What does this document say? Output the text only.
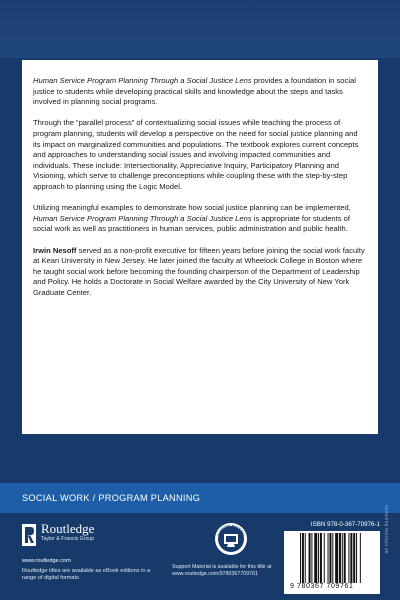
Human Service Program Planning Through a Social Justice Lens provides a foundation in social justice to students while developing practical skills and knowledge about the steps and tasks involved in planning social programs.

Through the “parallel process” of contextualizing social issues while teaching the process of program planning, students will develop a perspective on the need for social justice planning and its impact on marginalized communities and populations. The textbook explores current concepts and approaches to understanding social issues and involving impacted communities and individuals. These include: Intersectionality, Appreciative Inquiry, Participatory Planning and Visioning, which serve to challenge preconceptions while coupling these with the step-by-step approach to planning using the Logic Model.

Utilizing meaningful examples to demonstrate how social justice planning can be implemented, Human Service Program Planning Through a Social Justice Lens is appropriate for students of social work as well as practitioners in human services, public administration and public health.

Irwin Nesoff served as a non-profit executive for fifteen years before joining the social work faculty at Kean University in New Jersey. He later joined the faculty at Wheelock College in Boston where he taught social work before becoming the founding chairperson of the Department of Leadership and Policy. He holds a Doctorate in Social Welfare awarded by the City University of New York Graduate Center.

SOCIAL WORK / PROGRAM PLANNING
an informa business
Routledge
Taylor & Francis Group
www.routledge.com
Routledge titles are available as eBook editions in a range of digital formats
SUPPORT MATERIAL
Support Material is available for this title at www.routledge.com/9780367709761
ISBN 978-0-367-70976-1
9 780367 709761
